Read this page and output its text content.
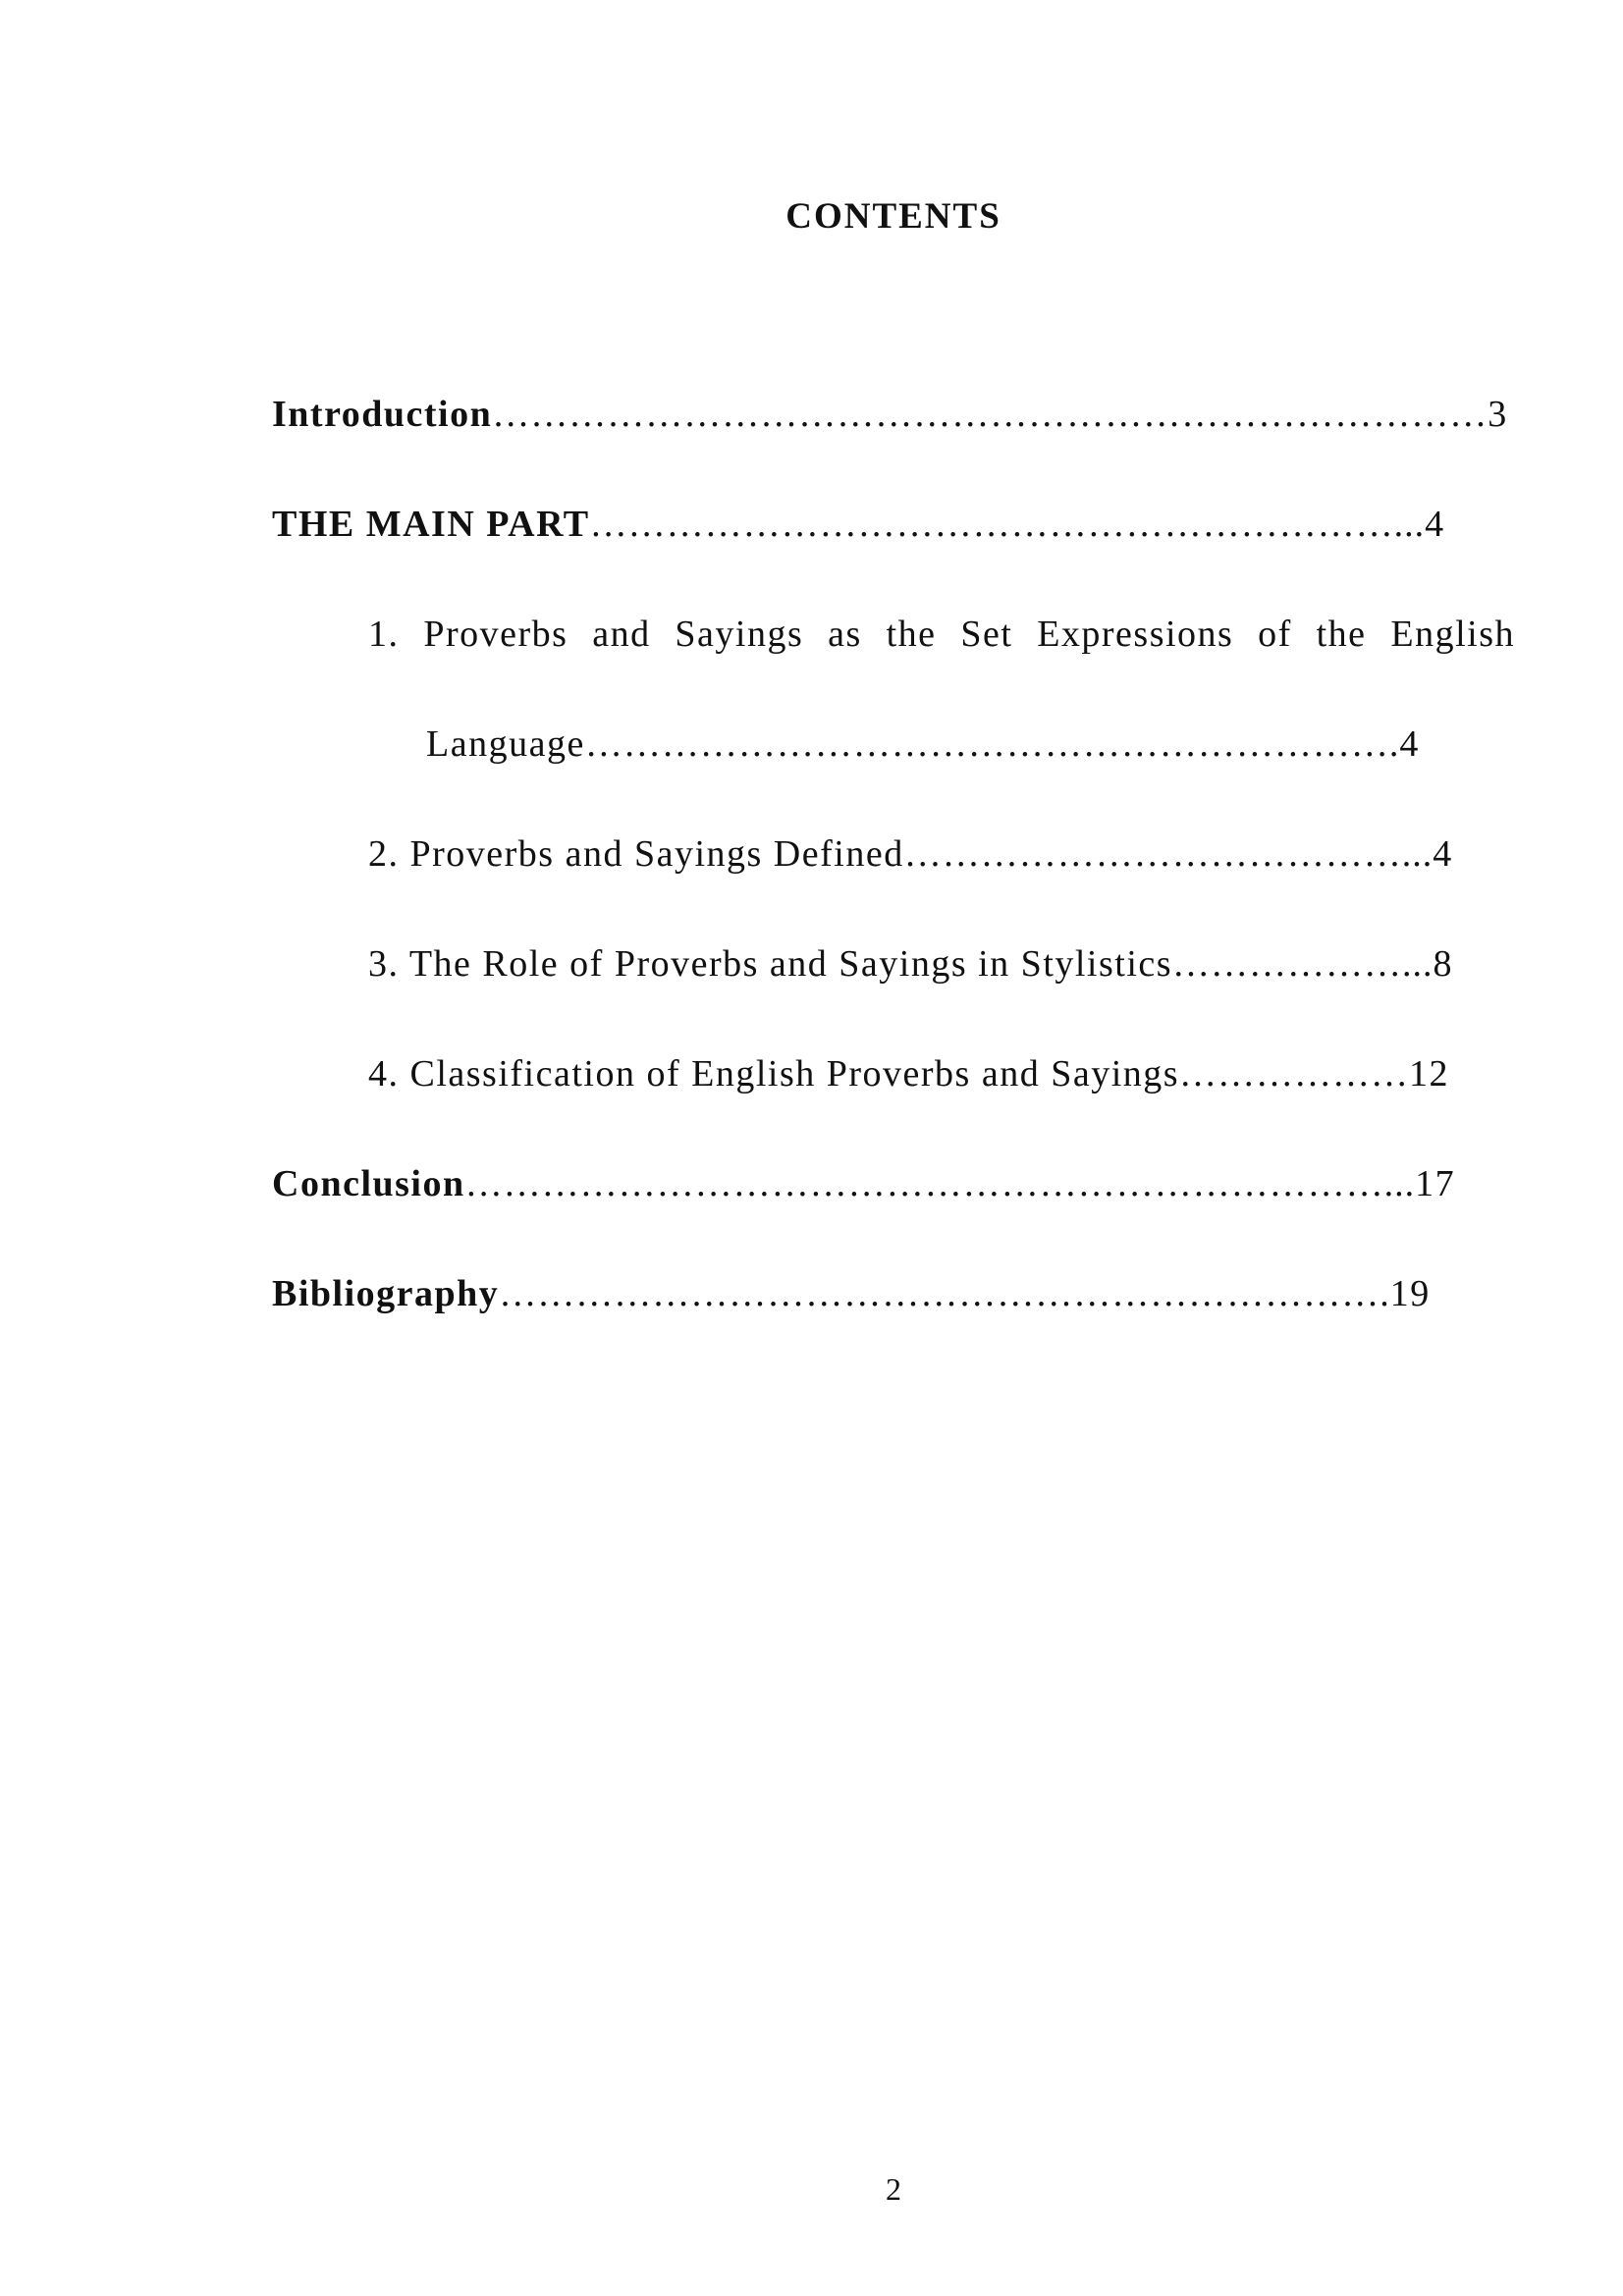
CONTENTS
Introduction……………………………………………………………………3
THE MAIN PART………………………………………………………...4
1. Proverbs and Sayings as the Set Expressions of the English
Language……………………………………………………….4
2. Proverbs and Sayings Defined…………………………………...4
3. The Role of Proverbs and Sayings in Stylistics………………...8
4. Classification of English Proverbs and Sayings………………12
Conclusion………………………………………………………………...17
Bibliography…………………………………………………………….19
2
